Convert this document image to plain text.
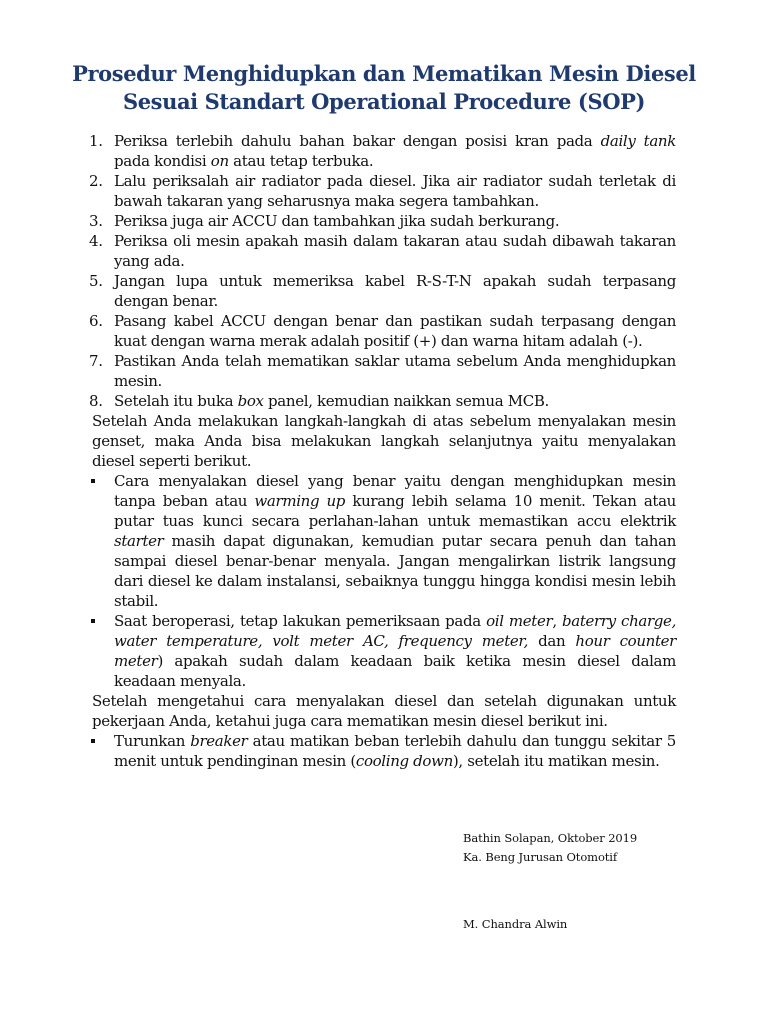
Prosedur Menghidupkan dan Mematikan Mesin Diesel
Sesuai Standart Operational Procedure (SOP)
1. Periksa terlebih dahulu bahan bakar dengan posisi kran pada daily tank pada kondisi on atau tetap terbuka.
2. Lalu periksalah air radiator pada diesel. Jika air radiator sudah terletak di bawah takaran yang seharusnya maka segera tambahkan.
3. Periksa juga air ACCU dan tambahkan jika sudah berkurang.
4. Periksa oli mesin apakah masih dalam takaran atau sudah dibawah takaran yang ada.
5. Jangan lupa untuk memeriksa kabel R-S-T-N apakah sudah terpasang dengan benar.
6. Pasang kabel ACCU dengan benar dan pastikan sudah terpasang dengan kuat dengan warna merak adalah positif (+) dan warna hitam adalah (-).
7. Pastikan Anda telah mematikan saklar utama sebelum Anda menghidupkan mesin.
8. Setelah itu buka box panel, kemudian naikkan semua MCB.

Setelah Anda melakukan langkah-langkah di atas sebelum menyalakan mesin genset, maka Anda bisa melakukan langkah selanjutnya yaitu menyalakan diesel seperti berikut.

Cara menyalakan diesel yang benar yaitu dengan menghidupkan mesin tanpa beban atau warming up kurang lebih selama 10 menit. Tekan atau putar tuas kunci secara perlahan-lahan untuk memastikan accu elektrik starter masih dapat digunakan, kemudian putar secara penuh dan tahan sampai diesel benar-benar menyala. Jangan mengalirkan listrik langsung dari diesel ke dalam instalansi, sebaiknya tunggu hingga kondisi mesin lebih stabil.
Saat beroperasi, tetap lakukan pemeriksaan pada oil meter, baterry charge, water temperature, volt meter AC, frequency meter, dan hour counter meter) apakah sudah dalam keadaan baik ketika mesin diesel dalam keadaan menyala.

Setelah mengetahui cara menyalakan diesel dan setelah digunakan untuk pekerjaan Anda, ketahui juga cara mematikan mesin diesel berikut ini.

Turunkan breaker atau matikan beban terlebih dahulu dan tunggu sekitar 5 menit untuk pendinginan mesin (cooling down), setelah itu matikan mesin.
Bathin Solapan, Oktober 2019
Ka. Beng Jurusan Otomotif
M. Chandra Alwin
